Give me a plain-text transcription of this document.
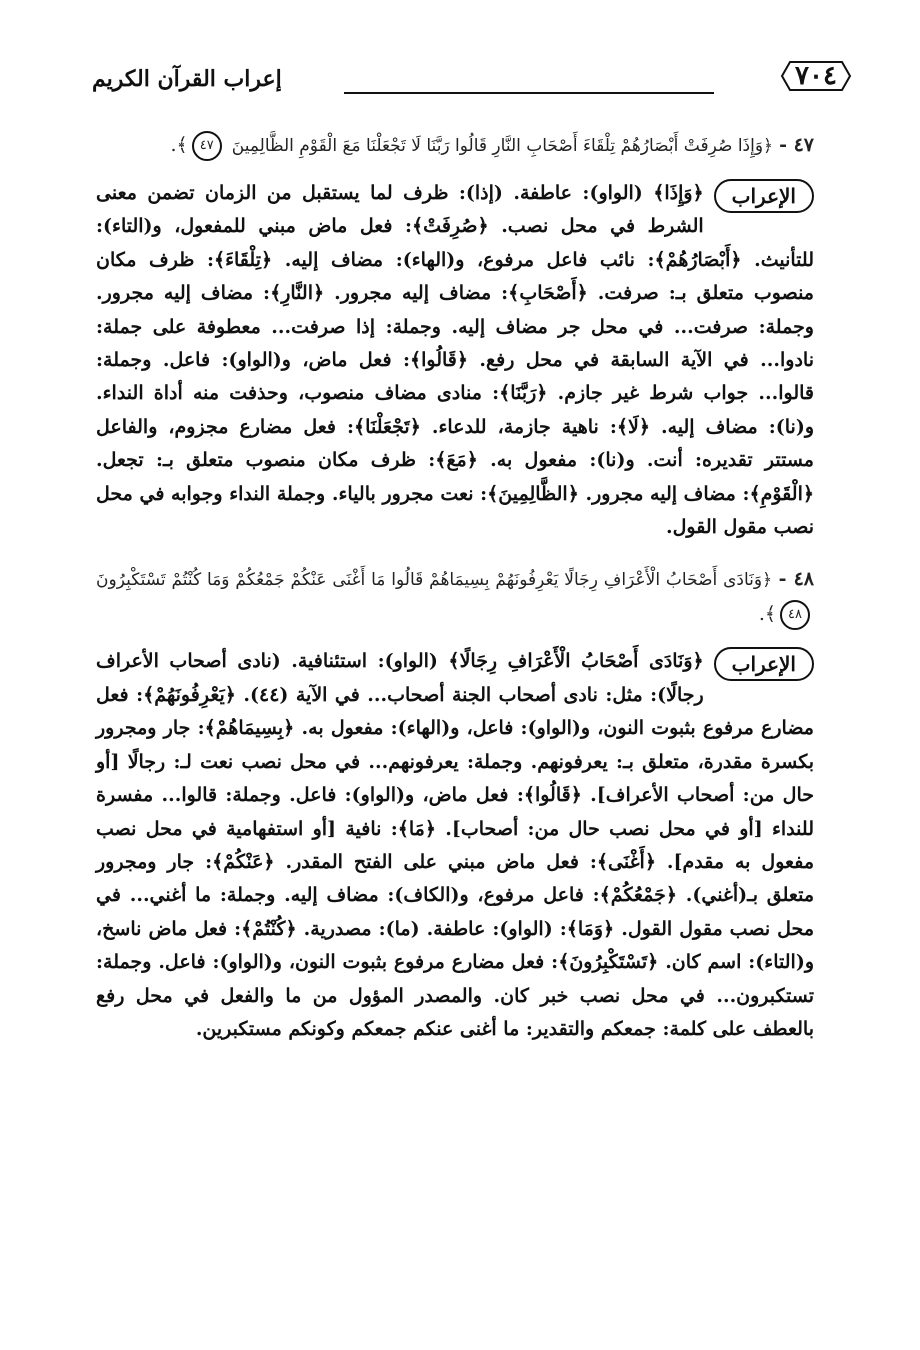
٧٠٤
إعراب القرآن الكريم

٤٧ - ﴿وَإِذَا صُرِفَتْ أَبْصَارُهُمْ تِلْقَاءَ أَصْحَابِ النَّارِ قَالُوا رَبَّنَا لَا تَجْعَلْنَا مَعَ الْقَوْمِ الظَّالِمِينَ ٤٧﴾.

الإعراب

﴿وَإِذَا﴾ (الواو): عاطفة. (إذا): ظرف لما يستقبل من الزمان تضمن معنى الشرط في محل نصب. ﴿صُرِفَتْ﴾: فعل ماض مبني للمفعول، و(التاء): للتأنيث. ﴿أَبْصَارُهُمْ﴾: نائب فاعل مرفوع، و(الهاء): مضاف إليه. ﴿تِلْقَاءَ﴾: ظرف مكان منصوب متعلق بـ: صرفت. ﴿أَصْحَابِ﴾: مضاف إليه مجرور. ﴿النَّارِ﴾: مضاف إليه مجرور. وجملة: صرفت... في محل جر مضاف إليه. وجملة: إذا صرفت... معطوفة على جملة: نادوا... في الآية السابقة في محل رفع. ﴿قَالُوا﴾: فعل ماض، و(الواو): فاعل. وجملة: قالوا... جواب شرط غير جازم. ﴿رَبَّنَا﴾: منادى مضاف منصوب، وحذفت منه أداة النداء. و(نا): مضاف إليه. ﴿لَا﴾: ناهية جازمة، للدعاء. ﴿تَجْعَلْنَا﴾: فعل مضارع مجزوم، والفاعل مستتر تقديره: أنت. و(نا): مفعول به. ﴿مَعَ﴾: ظرف مكان منصوب متعلق بـ: تجعل. ﴿الْقَوْمِ﴾: مضاف إليه مجرور. ﴿الظَّالِمِينَ﴾: نعت مجرور بالياء. وجملة النداء وجوابه في محل نصب مقول القول.

٤٨ - ﴿وَنَادَى أَصْحَابُ الْأَعْرَافِ رِجَالًا يَعْرِفُونَهُمْ بِسِيمَاهُمْ قَالُوا مَا أَغْنَى عَنْكُمْ جَمْعُكُمْ وَمَا كُنْتُمْ تَسْتَكْبِرُونَ ٤٨﴾.

الإعراب

﴿وَنَادَى أَصْحَابُ الْأَعْرَافِ رِجَالًا﴾ (الواو): استئنافية. (نادى أصحاب الأعراف رجالًا): مثل: نادى أصحاب الجنة أصحاب... في الآية (٤٤). ﴿يَعْرِفُونَهُمْ﴾: فعل مضارع مرفوع بثبوت النون، و(الواو): فاعل، و(الهاء): مفعول به. ﴿بِسِيمَاهُمْ﴾: جار ومجرور بكسرة مقدرة، متعلق بـ: يعرفونهم. وجملة: يعرفونهم... في محل نصب نعت لـ: رجالًا [أو حال من: أصحاب الأعراف]. ﴿قَالُوا﴾: فعل ماض، و(الواو): فاعل. وجملة: قالوا... مفسرة للنداء [أو في محل نصب حال من: أصحاب]. ﴿مَا﴾: نافية [أو استفهامية في محل نصب مفعول به مقدم]. ﴿أَغْنَى﴾: فعل ماض مبني على الفتح المقدر. ﴿عَنْكُمْ﴾: جار ومجرور متعلق بـ(أغني). ﴿جَمْعُكُمْ﴾: فاعل مرفوع، و(الكاف): مضاف إليه. وجملة: ما أغني... في محل نصب مقول القول. ﴿وَمَا﴾: (الواو): عاطفة. (ما): مصدرية. ﴿كُنْتُمْ﴾: فعل ماض ناسخ، و(التاء): اسم كان. ﴿تَسْتَكْبِرُونَ﴾: فعل مضارع مرفوع بثبوت النون، و(الواو): فاعل. وجملة: تستكبرون... في محل نصب خبر كان. والمصدر المؤول من ما والفعل في محل رفع بالعطف على كلمة: جمعكم والتقدير: ما أغنى عنكم جمعكم وكونكم مستكبرين.
